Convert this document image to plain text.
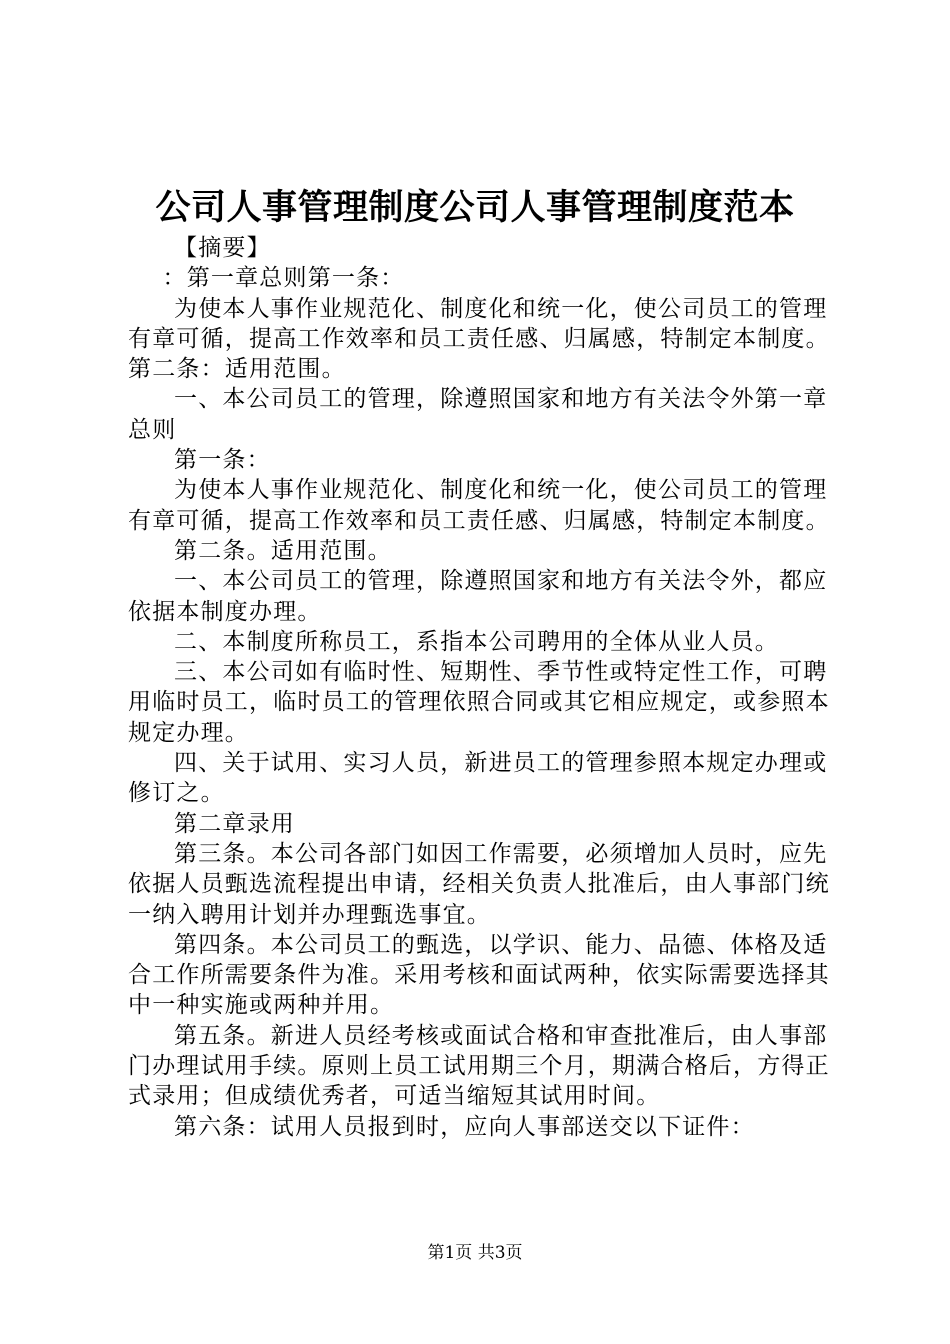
公司人事管理制度公司人事管理制度范本

【摘要】

：第一章总则第一条：

为使本人事作业规范化、制度化和统一化，使公司员工的管理有章可循，提高工作效率和员工责任感、归属感，特制定本制度。第二条：适用范围。

一、本公司员工的管理，除遵照国家和地方有关法令外第一章总则

第一条：

为使本人事作业规范化、制度化和统一化，使公司员工的管理有章可循，提高工作效率和员工责任感、归属感，特制定本制度。

第二条。适用范围。

一、本公司员工的管理，除遵照国家和地方有关法令外，都应依据本制度办理。

二、本制度所称员工，系指本公司聘用的全体从业人员。

三、本公司如有临时性、短期性、季节性或特定性工作，可聘用临时员工，临时员工的管理依照合同或其它相应规定，或参照本规定办理。

四、关于试用、实习人员，新进员工的管理参照本规定办理或修订之。

第二章录用

第三条。本公司各部门如因工作需要，必须增加人员时，应先依据人员甄选流程提出申请，经相关负责人批准后，由人事部门统一纳入聘用计划并办理甄选事宜。

第四条。本公司员工的甄选，以学识、能力、品德、体格及适合工作所需要条件为准。采用考核和面试两种，依实际需要选择其中一种实施或两种并用。

第五条。新进人员经考核或面试合格和审查批准后，由人事部门办理试用手续。原则上员工试用期三个月，期满合格后，方得正式录用；但成绩优秀者，可适当缩短其试用时间。

第六条：试用人员报到时，应向人事部送交以下证件：

第1页 共3页
